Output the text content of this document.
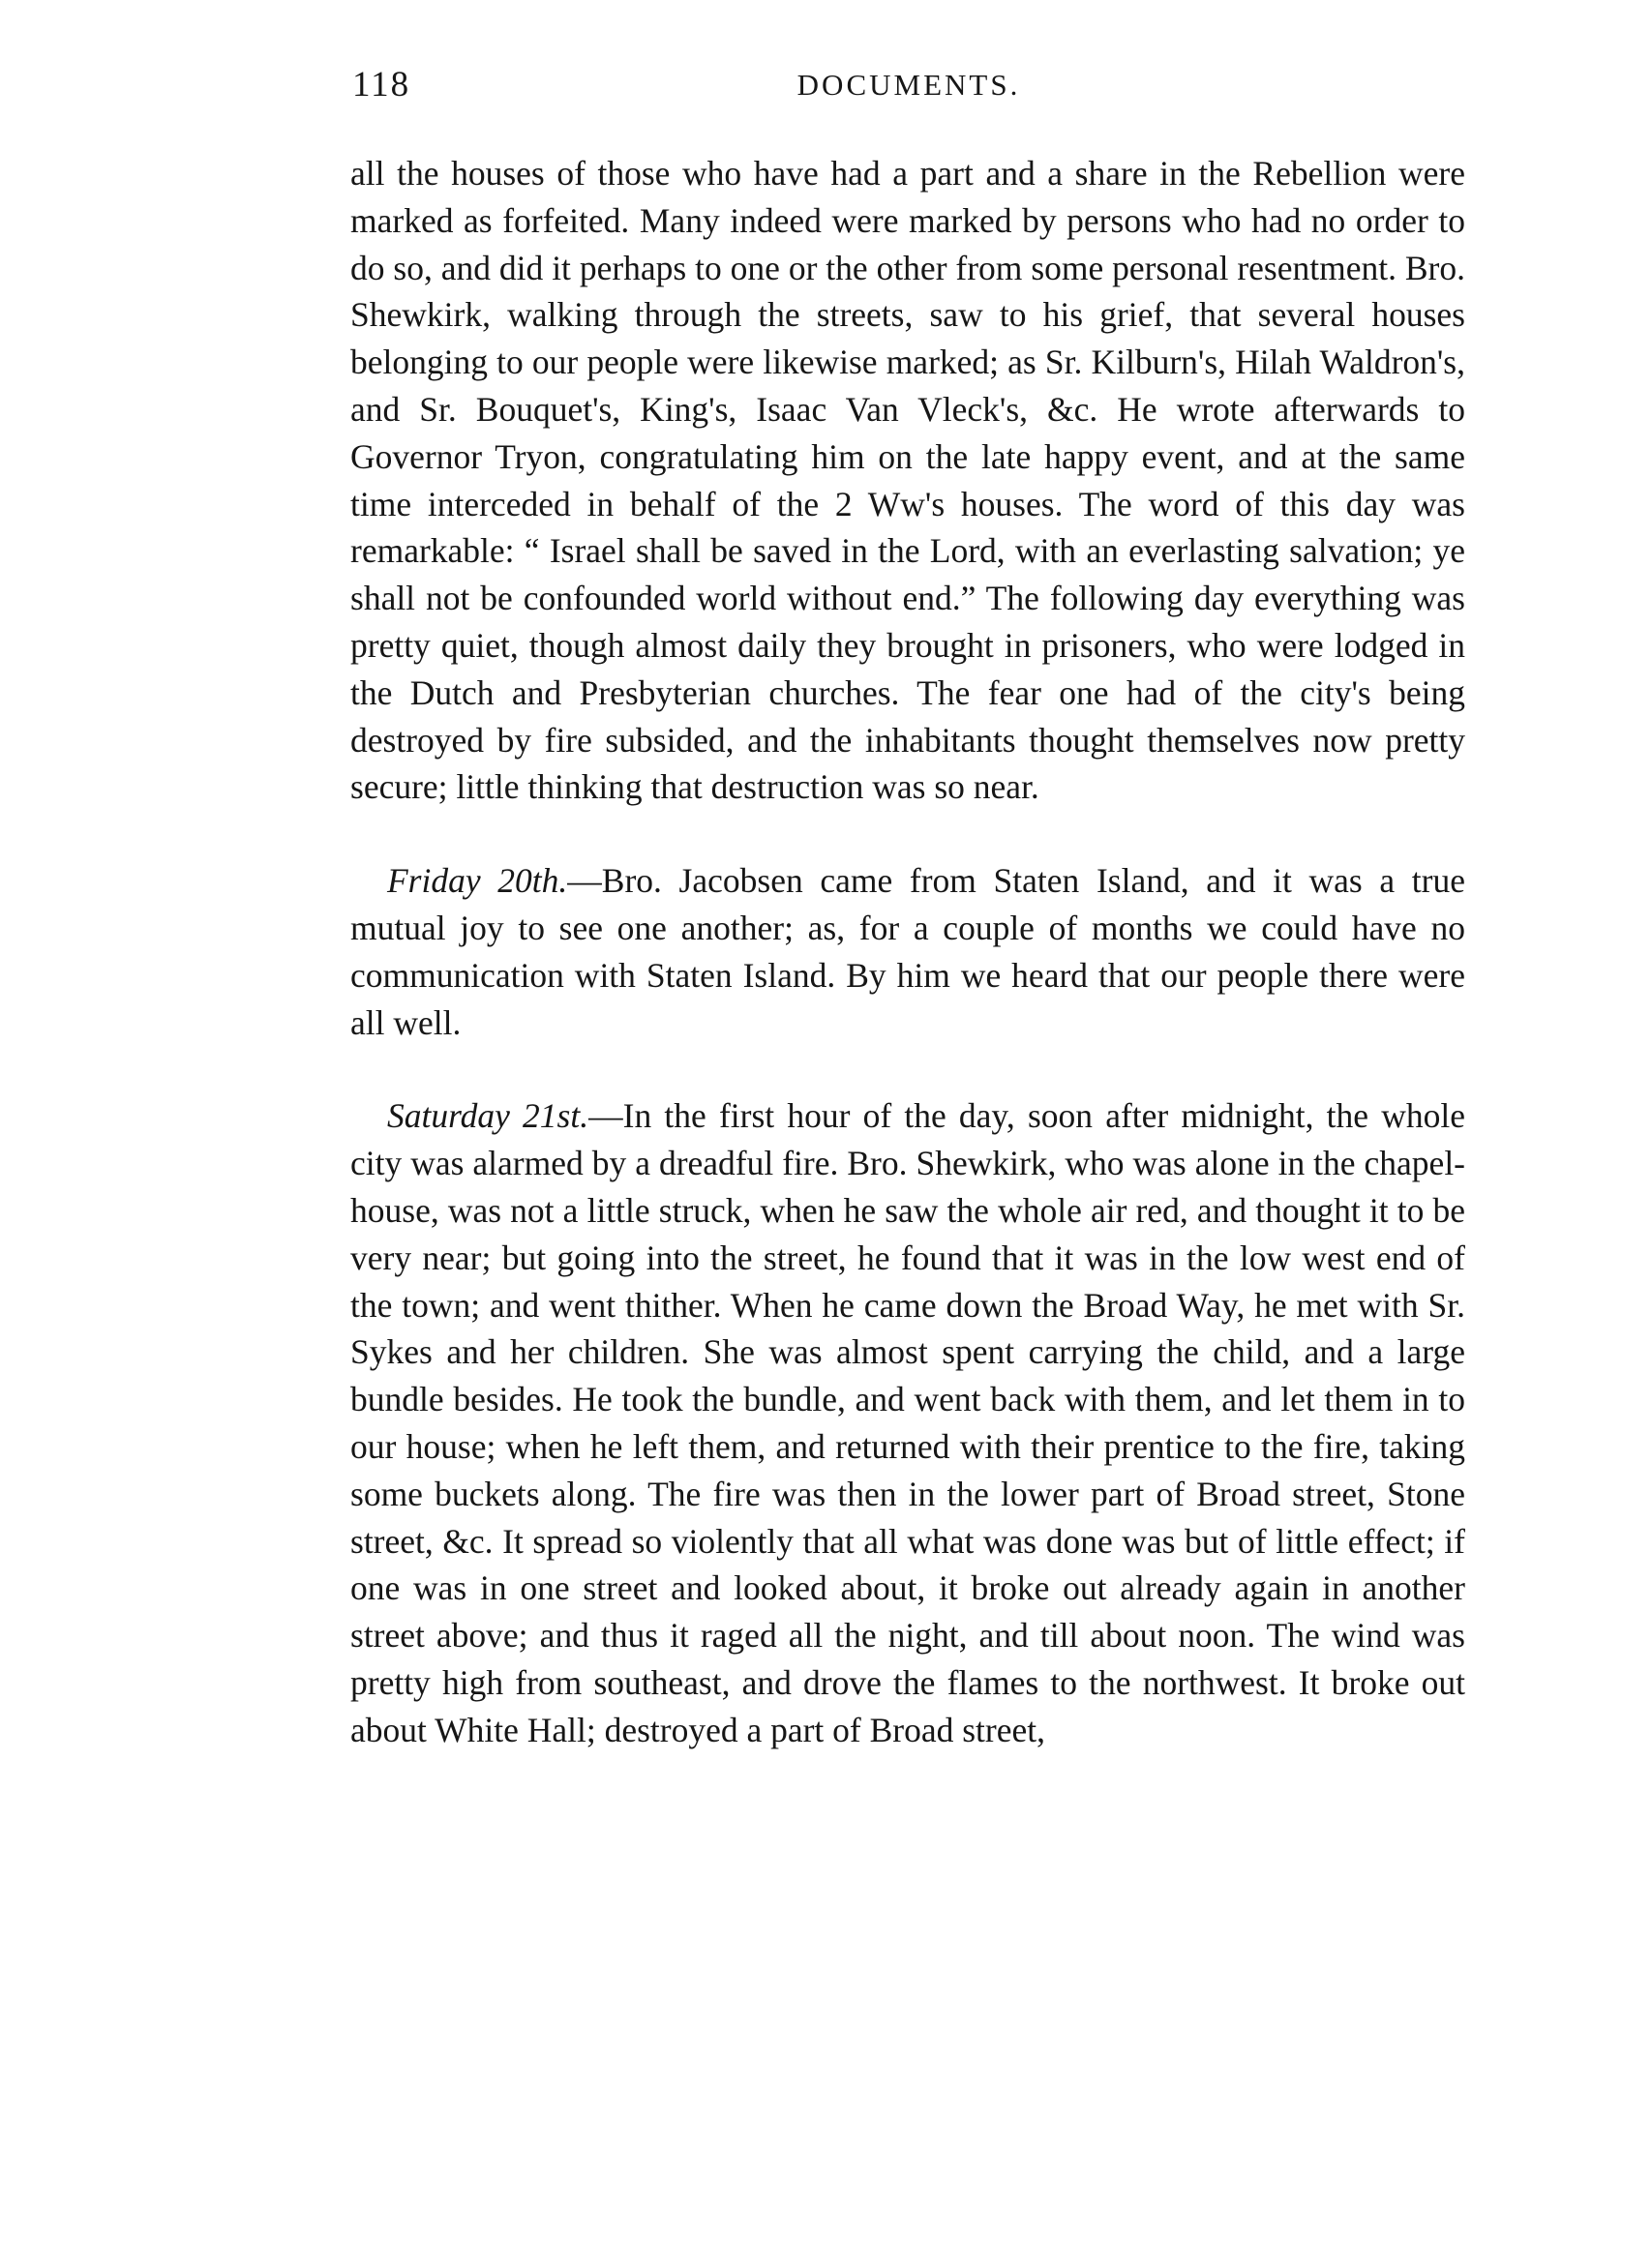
118	DOCUMENTS.

all the houses of those who have had a part and a share in the Rebellion were marked as forfeited. Many indeed were marked by persons who had no order to do so, and did it perhaps to one or the other from some personal resentment. Bro. Shewkirk, walking through the streets, saw to his grief, that several houses belonging to our people were likewise marked; as Sr. Kilburn's, Hilah Waldron's, and Sr. Bouquet's, King's, Isaac Van Vleck's, &c. He wrote afterwards to Governor Tryon, congratulating him on the late happy event, and at the same time interceded in behalf of the 2 Ww's houses. The word of this day was remarkable: “ Israel shall be saved in the Lord, with an everlasting salvation; ye shall not be confounded world without end.” The following day everything was pretty quiet, though almost daily they brought in prisoners, who were lodged in the Dutch and Presbyterian churches. The fear one had of the city's being destroyed by fire subsided, and the inhabitants thought themselves now pretty secure; little thinking that destruction was so near.

Friday 20th.—Bro. Jacobsen came from Staten Island, and it was a true mutual joy to see one another; as, for a couple of months we could have no communication with Staten Island. By him we heard that our people there were all well.

Saturday 21st.—In the first hour of the day, soon after midnight, the whole city was alarmed by a dreadful fire. Bro. Shewkirk, who was alone in the chapel-house, was not a little struck, when he saw the whole air red, and thought it to be very near; but going into the street, he found that it was in the low west end of the town; and went thither. When he came down the Broad Way, he met with Sr. Sykes and her children. She was almost spent carrying the child, and a large bundle besides. He took the bundle, and went back with them, and let them in to our house; when he left them, and returned with their prentice to the fire, taking some buckets along. The fire was then in the lower part of Broad street, Stone street, &c. It spread so violently that all what was done was but of little effect; if one was in one street and looked about, it broke out already again in another street above; and thus it raged all the night, and till about noon. The wind was pretty high from southeast, and drove the flames to the northwest. It broke out about White Hall; destroyed a part of Broad street,
